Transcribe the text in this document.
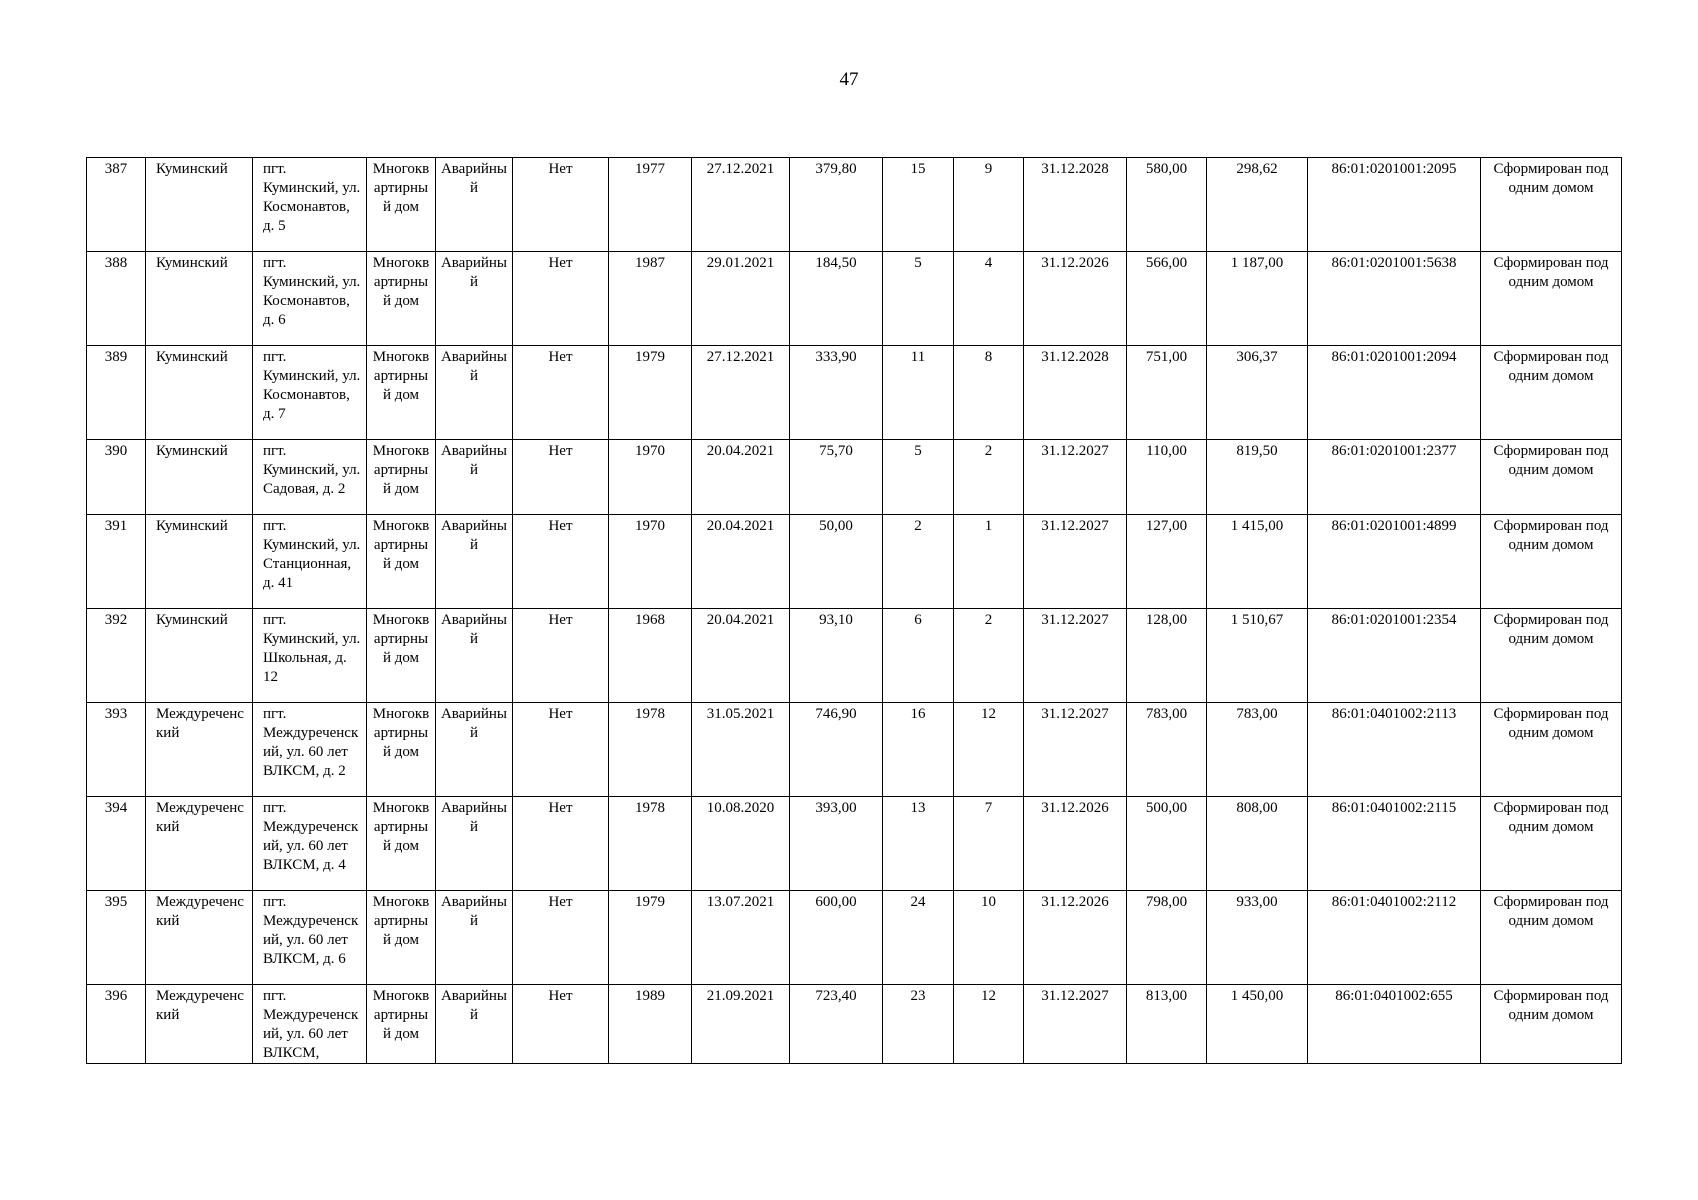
47
387	Куминский	пгт. Куминский, ул. Космонавтов, д. 5	Многоквартирный дом	Аварийный	Нет	1977	27.12.2021	379,80	15	9	31.12.2028	580,00	298,62	86:01:0201001:2095	Сформирован под одним домом
388	Куминский	пгт. Куминский, ул. Космонавтов, д. 6	Многоквартирный дом	Аварийный	Нет	1987	29.01.2021	184,50	5	4	31.12.2026	566,00	1 187,00	86:01:0201001:5638	Сформирован под одним домом
389	Куминский	пгт. Куминский, ул. Космонавтов, д. 7	Многоквартирный дом	Аварийный	Нет	1979	27.12.2021	333,90	11	8	31.12.2028	751,00	306,37	86:01:0201001:2094	Сформирован под одним домом
390	Куминский	пгт. Куминский, ул. Садовая, д. 2	Многоквартирный дом	Аварийный	Нет	1970	20.04.2021	75,70	5	2	31.12.2027	110,00	819,50	86:01:0201001:2377	Сформирован под одним домом
391	Куминский	пгт. Куминский, ул. Станционная, д. 41	Многоквартирный дом	Аварийный	Нет	1970	20.04.2021	50,00	2	1	31.12.2027	127,00	1 415,00	86:01:0201001:4899	Сформирован под одним домом
392	Куминский	пгт. Куминский, ул. Школьная, д. 12	Многоквартирный дом	Аварийный	Нет	1968	20.04.2021	93,10	6	2	31.12.2027	128,00	1 510,67	86:01:0201001:2354	Сформирован под одним домом
393	Междуреченский	пгт. Междуреченский, ул. 60 лет ВЛКСМ, д. 2	Многоквартирный дом	Аварийный	Нет	1978	31.05.2021	746,90	16	12	31.12.2027	783,00	783,00	86:01:0401002:2113	Сформирован под одним домом
394	Междуреченский	пгт. Междуреченский, ул. 60 лет ВЛКСМ, д. 4	Многоквартирный дом	Аварийный	Нет	1978	10.08.2020	393,00	13	7	31.12.2026	500,00	808,00	86:01:0401002:2115	Сформирован под одним домом
395	Междуреченский	пгт. Междуреченский, ул. 60 лет ВЛКСМ, д. 6	Многоквартирный дом	Аварийный	Нет	1979	13.07.2021	600,00	24	10	31.12.2026	798,00	933,00	86:01:0401002:2112	Сформирован под одним домом
396	Междуреченский	пгт. Междуреченский, ул. 60 лет ВЛКСМ,	Многоквартирный дом	Аварийный	Нет	1989	21.09.2021	723,40	23	12	31.12.2027	813,00	1 450,00	86:01:0401002:655	Сформирован под одним домом
